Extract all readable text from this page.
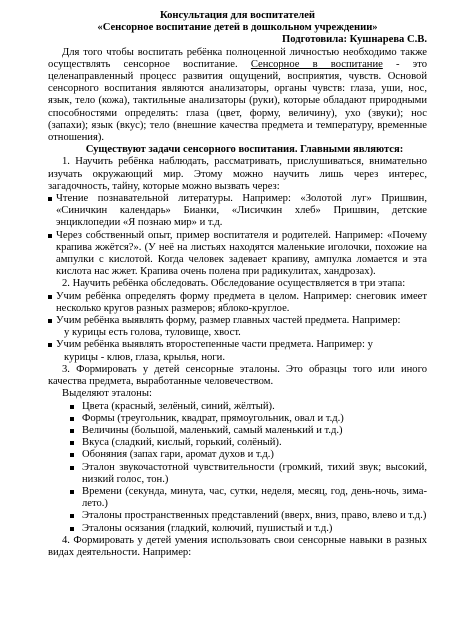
Консультация для воспитателей

«Сенсорное воспитание детей в дошкольном учреждении»

Подготовила: Кушнарева С.В.

Для того чтобы воспитать ребёнка полноценной личностью необходимо также осуществлять сенсорное воспитание. Сенсорное в воспитание - это целенаправленный процесс развития ощущений, восприятия, чувств. Основой сенсорного воспитания являются анализаторы, органы чувств: глаза, уши, нос, язык, тело (кожа), тактильные анализаторы (руки), которые обладают природными способностями определять: глаза (цвет, форму, величину), ухо (звуки); нос (запахи); язык (вкус); тело (внешние качества предмета и температуру, временные отношения).

Существуют задачи сенсорного воспитания. Главными являются:

1. Научить ребёнка наблюдать, рассматривать, прислушиваться, внимательно изучать окружающий мир. Этому можно научить лишь через интерес, загадочность, тайну, которые можно вызвать через:

Чтение познавательной литературы. Например: «Золотой луг» Пришвин, «Синичкин календарь» Бианки, «Лисичкин хлеб» Пришвин, детские энциклопедии «Я познаю мир» и т.д.
Через собственный опыт, пример воспитателя и родителей. Например: «Почему крапива жжётся?». (У неё на листьях находятся маленькие иголочки, похожие на ампулки с кислотой. Когда человек задевает крапиву, ампулка ломается и эта кислота нас жжет. Крапива очень полена при радикулитах, хандрозах).

2. Научить ребёнка обследовать. Обследование осуществляется в три этапа:

Учим ребёнка определять форму предмета в целом. Например: снеговик имеет несколько кругов разных размеров; яблоко-круглое.
Учим ребёнка выявлять форму, размер главных частей предмета. Например:
у курицы есть голова, туловище, хвост.
Учим ребёнка выявлять второстепенные части предмета. Например: у
курицы - клюв, глаза, крылья, ноги.

3. Формировать у детей сенсорные эталоны. Это образцы того или иного качества предмета, выработанные человечеством.

Выделяют эталоны:

Цвета (красный, зелёный, синий, жёлтый).
Формы (треугольник, квадрат, прямоугольник, овал и т.д.)
Величины (большой, маленький, самый маленький и т.д.)
Вкуса (сладкий, кислый, горький, солёный).
Обоняния (запах гари, аромат духов и т.д.)
Эталон звукочастотной чувствительности (громкий, тихий звук; высокий, низкий голос, тон.)
Времени (секунда, минута, час, сутки, неделя, месяц, год, день-ночь, зима-лето.)
Эталоны пространственных представлений (вверх, вниз, право, влево и т.д.)
Эталоны осязания (гладкий, колючий, пушистый и т.д.)

4. Формировать у детей умения использовать свои сенсорные навыки в разных видах деятельности. Например:
